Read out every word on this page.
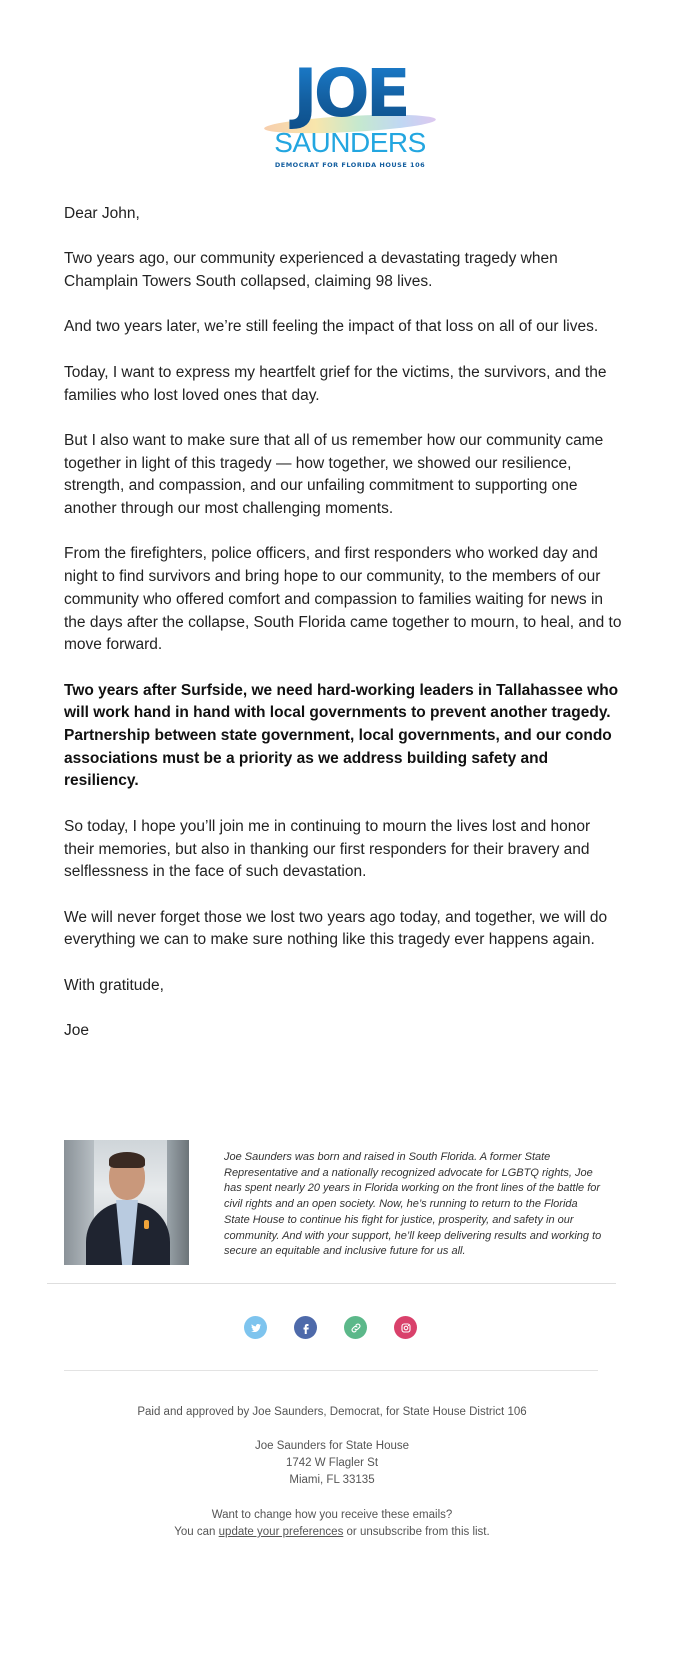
JOE
SAUNDERS
DEMOCRAT FOR FLORIDA HOUSE 106

Dear John,

Two years ago, our community experienced a devastating tragedy when Champlain Towers South collapsed, claiming 98 lives.

And two years later, we’re still feeling the impact of that loss on all of our lives.

Today, I want to express my heartfelt grief for the victims, the survivors, and the families who lost loved ones that day.

But I also want to make sure that all of us remember how our community came together in light of this tragedy — how together, we showed our resilience, strength, and compassion, and our unfailing commitment to supporting one another through our most challenging moments.

From the firefighters, police officers, and first responders who worked day and night to find survivors and bring hope to our community, to the members of our community who offered comfort and compassion to families waiting for news in the days after the collapse, South Florida came together to mourn, to heal, and to move forward.

Two years after Surfside, we need hard-working leaders in Tallahassee who will work hand in hand with local governments to prevent another tragedy. Partnership between state government, local governments, and our condo associations must be a priority as we address building safety and resiliency.

So today, I hope you’ll join me in continuing to mourn the lives lost and honor their memories, but also in thanking our first responders for their bravery and selflessness in the face of such devastation.

We will never forget those we lost two years ago today, and together, we will do everything we can to make sure nothing like this tragedy ever happens again.

With gratitude,

Joe

Joe Saunders was born and raised in South Florida. A former State Representative and a nationally recognized advocate for LGBTQ rights, Joe has spent nearly 20 years in Florida working on the front lines of the battle for civil rights and an open society. Now, he’s running to return to the Florida State House to continue his fight for justice, prosperity, and safety in our community. And with your support, he’ll keep delivering results and working to secure an equitable and inclusive future for us all.
Paid and approved by Joe Saunders, Democrat, for State House District 106
Joe Saunders for State House
1742 W Flagler St
Miami, FL 33135
Want to change how you receive these emails?
You can update your preferences or unsubscribe from this list.
